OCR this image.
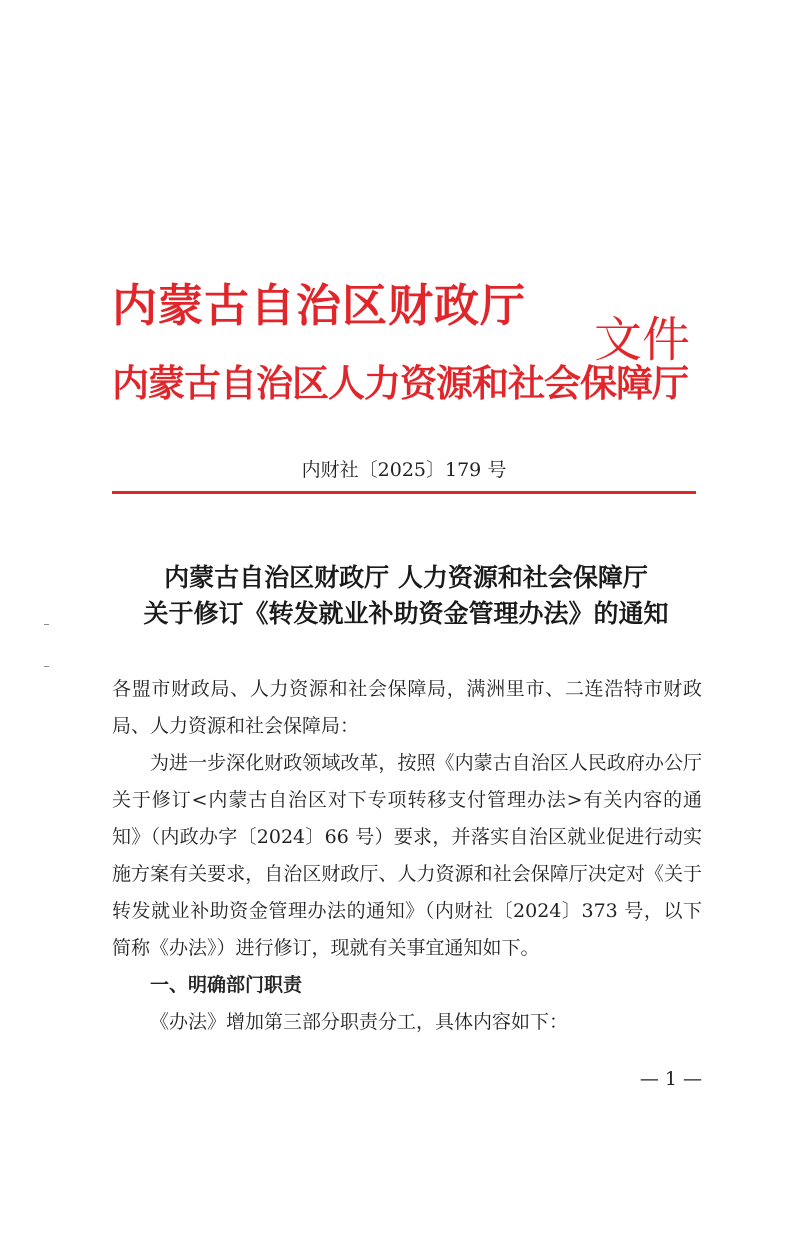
内蒙古自治区财政厅
内蒙古自治区人力资源和社会保障厅
文件
内财社〔2025〕179 号
内蒙古自治区财政厅 人力资源和社会保障厅
关于修订《转发就业补助资金管理办法》的通知

各盟市财政局、人力资源和社会保障局，满洲里市、二连浩特市财政局、人力资源和社会保障局：

为进一步深化财政领域改革，按照《内蒙古自治区人民政府办公厅关于修订<内蒙古自治区对下专项转移支付管理办法>有关内容的通知》（内政办字〔2024〕66 号）要求，并落实自治区就业促进行动实施方案有关要求，自治区财政厅、人力资源和社会保障厅决定对《关于转发就业补助资金管理办法的通知》（内财社〔2024〕373 号，以下简称《办法》）进行修订，现就有关事宜通知如下。

一、明确部门职责

《办法》增加第三部分职责分工，具体内容如下：

— 1 —
